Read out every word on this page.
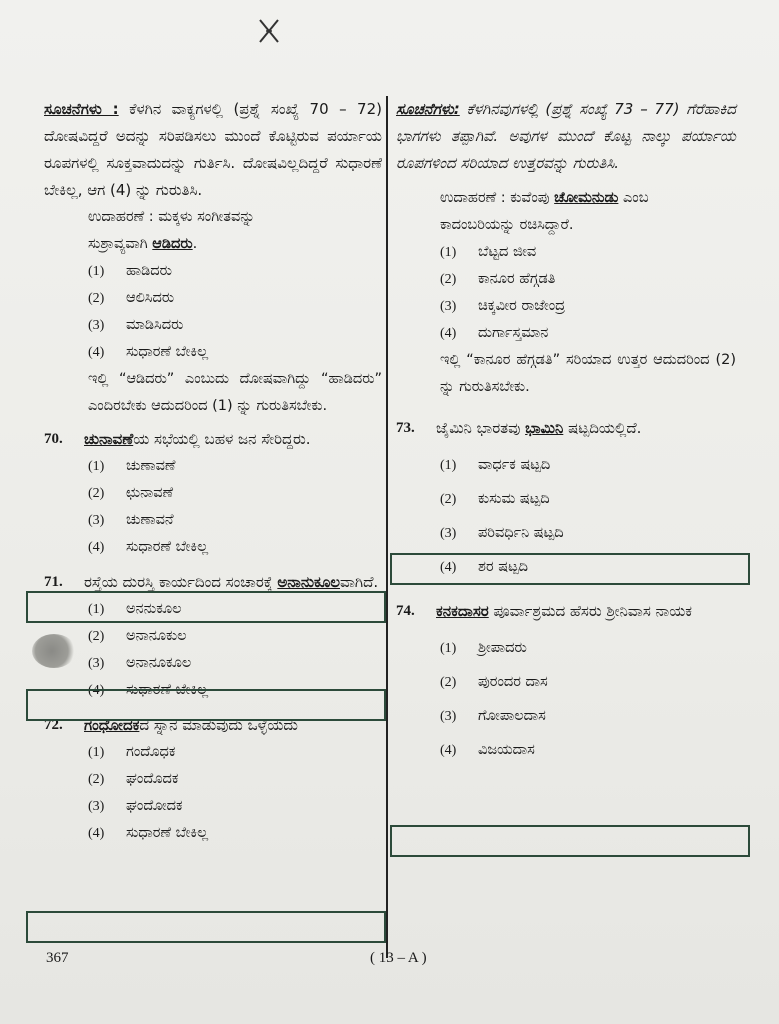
ಸೂಚನೆಗಳು : ಕೆಳಗಿನ ವಾಕ್ಯಗಳಲ್ಲಿ (ಪ್ರಶ್ನೆ ಸಂಖ್ಯೆ 70 – 72) ದೋಷವಿದ್ದರೆ ಅದನ್ನು ಸರಿಪಡಿಸಲು ಮುಂದೆ ಕೊಟ್ಟಿರುವ ಪರ್ಯಾಯ ರೂಪಗಳಲ್ಲಿ ಸೂಕ್ತವಾದುದನ್ನು ಗುರ್ತಿಸಿ. ದೋಷವಿಲ್ಲದಿದ್ದರೆ ಸುಧಾರಣೆ ಬೇಕಿಲ್ಲ, ಆಗ (4) ನ್ನು ಗುರುತಿಸಿ.

ಉದಾಹರಣೆ : ಮಕ್ಕಳು ಸಂಗೀತವನ್ನು

ಸುಶ್ರಾವ್ಯವಾಗಿ ಆಡಿದರು.

(1)	ಹಾಡಿದರು
(2)	ಆಲಿಸಿದರು
(3)	ಮಾಡಿಸಿದರು
(4)	ಸುಧಾರಣೆ ಬೇಕಿಲ್ಲ

ಇಲ್ಲಿ “ಆಡಿದರು” ಎಂಬುದು ದೋಷವಾಗಿದ್ದು “ಹಾಡಿದರು” ಎಂದಿರಬೇಕು ಆದುದರಿಂದ (1) ನ್ನು ಗುರುತಿಸಬೇಕು.

70.	ಚುನಾವಣೆಯ ಸಭೆಯಲ್ಲಿ ಬಹಳ ಜನ ಸೇರಿದ್ದರು.
(1)	ಚುಣಾವಣೆ
(2)	ಛುನಾವಣೆ
(3)	ಚುಣಾವನೆ
(4)	ಸುಧಾರಣೆ ಬೇಕಿಲ್ಲ
71.	ರಸ್ತೆಯ ದುರಸ್ತಿ ಕಾರ್ಯದಿಂದ ಸಂಚಾರಕ್ಕೆ ಅನಾನುಕೂಲವಾಗಿದೆ.
(1)	ಅನನುಕೂಲ
(2)	ಅನಾನೂಕುಲ
(3)	ಅನಾನೂಕೂಲ
(4)	ಸುಧಾರಣೆ ಬೇಕಿಲ್ಲ
72.	ಗಂಧೋದಕದ ಸ್ನಾನ ಮಾಡುವುದು ಒಳ್ಳೆಯದು
(1)	ಗಂದೊಧಕ
(2)	ಘಂದೊದಕ
(3)	ಘಂದೋದಕ
(4)	ಸುಧಾರಣೆ ಬೇಕಿಲ್ಲ

ಸೂಚನೆಗಳು: ಕೆಳಗಿನವುಗಳಲ್ಲಿ (ಪ್ರಶ್ನೆ ಸಂಖ್ಯೆ 73 – 77) ಗೆರೆಹಾಕಿದ ಭಾಗಗಳು ತಪ್ಪಾಗಿವೆ. ಅವುಗಳ ಮುಂದೆ ಕೊಟ್ಟ ನಾಲ್ಕು ಪರ್ಯಾಯ ರೂಪಗಳಿಂದ ಸರಿಯಾದ ಉತ್ತರವನ್ನು ಗುರುತಿಸಿ.

ಉದಾಹರಣೆ : ಕುವೆಂಪು ಚೋಮನುಡು ಎಂಬ

ಕಾದಂಬರಿಯನ್ನು ರಚಿಸಿದ್ದಾರೆ.

(1)	ಬೆಟ್ಟದ ಜೀವ
(2)	ಕಾನೂರ ಹೆಗ್ಗಡತಿ
(3)	ಚಿಕ್ಕವೀರ ರಾಜೇಂದ್ರ
(4)	ದುರ್ಗಾಸ್ತಮಾನ

ಇಲ್ಲಿ “ಕಾನೂರ ಹೆಗ್ಗಡತಿ” ಸರಿಯಾದ ಉತ್ತರ ಆದುದರಿಂದ (2) ನ್ನು ಗುರುತಿಸಬೇಕು.

73.	ಜೈಮಿನಿ ಭಾರತವು ಭಾಮಿನಿ ಷಟ್ಪದಿಯಲ್ಲಿದೆ.
(1)	ವಾರ್ಧಕ ಷಟ್ಪದಿ
(2)	ಕುಸುಮ ಷಟ್ಪದಿ
(3)	ಪರಿವರ್ಧಿನಿ ಷಟ್ಪದಿ
(4)	ಶರ ಷಟ್ಪದಿ
74.	ಕನಕದಾಸರ ಪೂರ್ವಾಶ್ರಮದ ಹೆಸರು ಶ್ರೀನಿವಾಸ ನಾಯಕ
(1)	ಶ್ರೀಪಾದರು
(2)	ಪುರಂದರ ದಾಸ
(3)	ಗೋಪಾಲದಾಸ
(4)	ವಿಜಯದಾಸ
367	( 13 – A )
